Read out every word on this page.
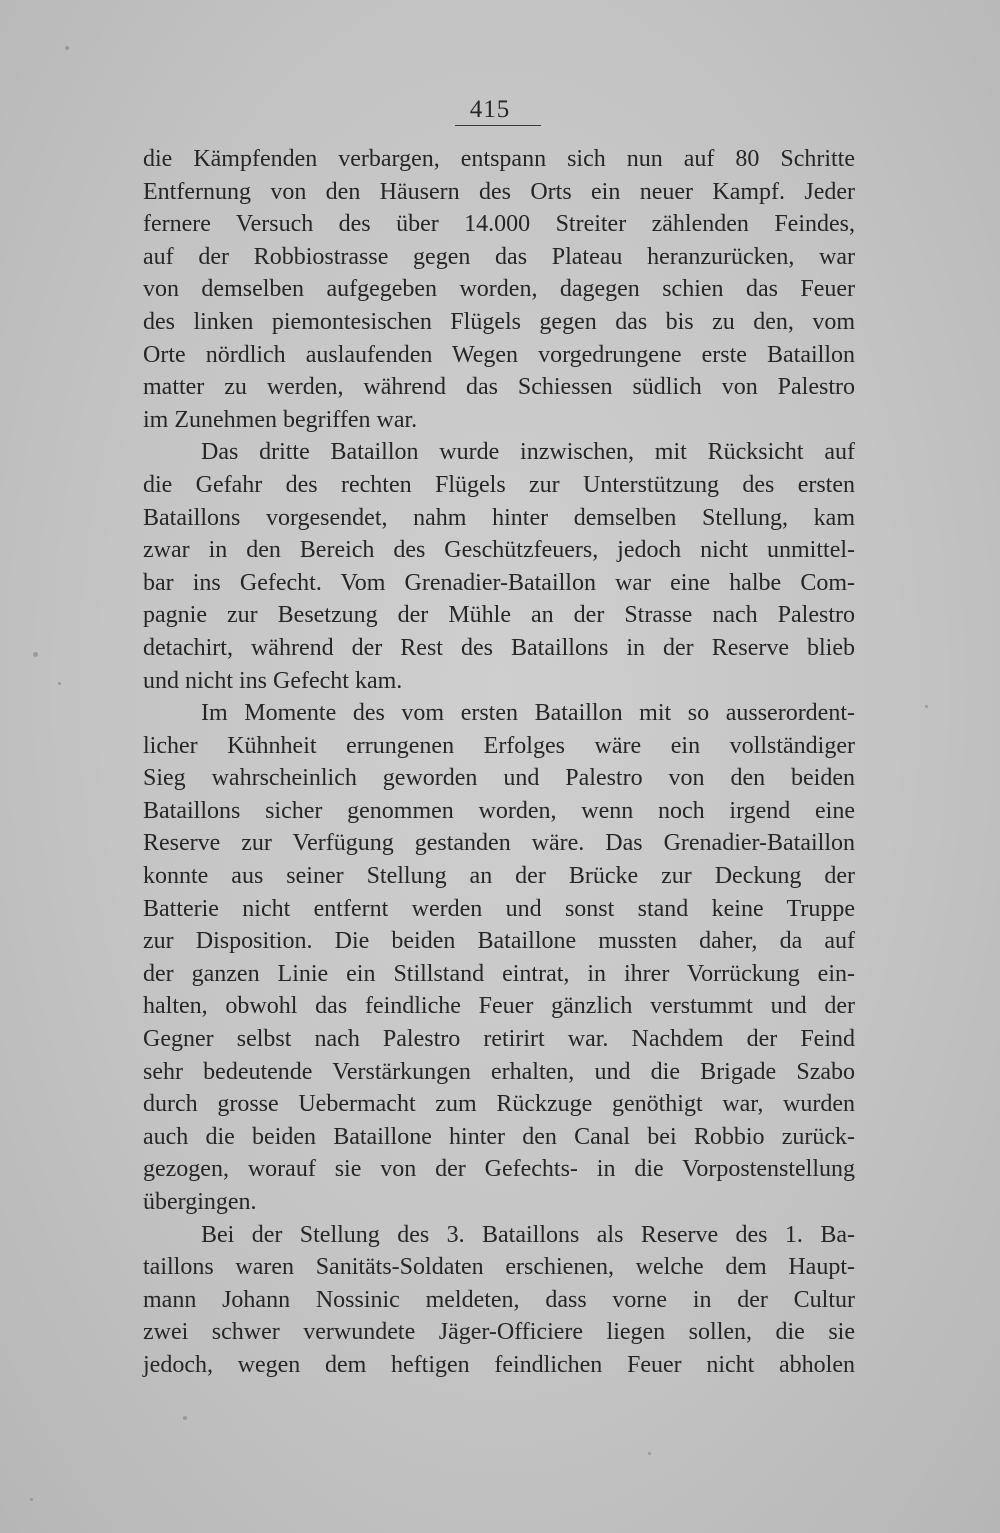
415
die Kämpfenden verbargen, entspann sich nun auf 80 Schritte
Entfernung von den Häusern des Orts ein neuer Kampf. Jeder
fernere Versuch des über 14.000 Streiter zählenden Feindes,
auf der Robbiostrasse gegen das Plateau heranzurücken, war
von demselben aufgegeben worden, dagegen schien das Feuer
des linken piemontesischen Flügels gegen das bis zu den, vom
Orte nördlich auslaufenden Wegen vorgedrungene erste Bataillon
matter zu werden, während das Schiessen südlich von Palestro
im Zunehmen begriffen war.
Das dritte Bataillon wurde inzwischen, mit Rücksicht auf
die Gefahr des rechten Flügels zur Unterstützung des ersten
Bataillons vorgesendet, nahm hinter demselben Stellung, kam
zwar in den Bereich des Geschützfeuers, jedoch nicht unmittel-
bar ins Gefecht. Vom Grenadier-Bataillon war eine halbe Com-
pagnie zur Besetzung der Mühle an der Strasse nach Palestro
detachirt, während der Rest des Bataillons in der Reserve blieb
und nicht ins Gefecht kam.
Im Momente des vom ersten Bataillon mit so ausserordent-
licher Kühnheit errungenen Erfolges wäre ein vollständiger
Sieg wahrscheinlich geworden und Palestro von den beiden
Bataillons sicher genommen worden, wenn noch irgend eine
Reserve zur Verfügung gestanden wäre. Das Grenadier-Bataillon
konnte aus seiner Stellung an der Brücke zur Deckung der
Batterie nicht entfernt werden und sonst stand keine Truppe
zur Disposition. Die beiden Bataillone mussten daher, da auf
der ganzen Linie ein Stillstand eintrat, in ihrer Vorrückung ein-
halten, obwohl das feindliche Feuer gänzlich verstummt und der
Gegner selbst nach Palestro retirirt war. Nachdem der Feind
sehr bedeutende Verstärkungen erhalten, und die Brigade Szabo
durch grosse Uebermacht zum Rückzuge genöthigt war, wurden
auch die beiden Bataillone hinter den Canal bei Robbio zurück-
gezogen, worauf sie von der Gefechts- in die Vorpostenstellung
übergingen.
Bei der Stellung des 3. Bataillons als Reserve des 1. Ba-
taillons waren Sanitäts-Soldaten erschienen, welche dem Haupt-
mann Johann Nossinic meldeten, dass vorne in der Cultur
zwei schwer verwundete Jäger-Officiere liegen sollen, die sie
jedoch, wegen dem heftigen feindlichen Feuer nicht abholen
